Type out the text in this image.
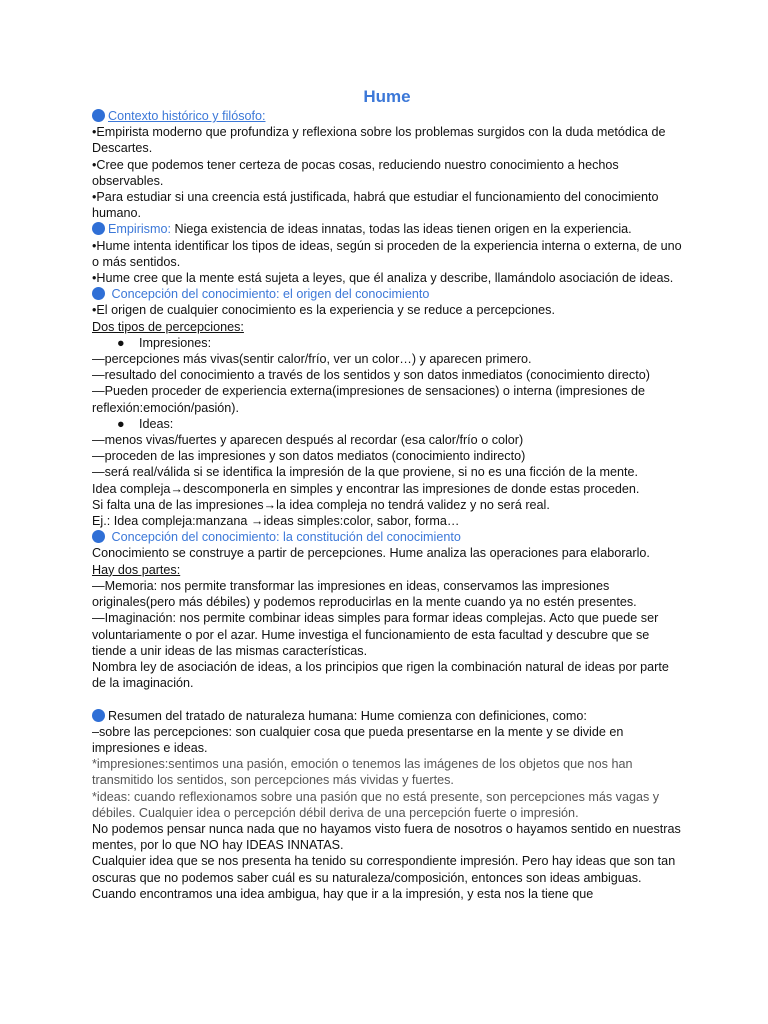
Hume

Contexto histórico y filósofo:

•Empirista moderno que profundiza y reflexiona sobre los problemas surgidos con la duda metódica de Descartes.

•Cree que podemos tener certeza de pocas cosas, reduciendo nuestro conocimiento a hechos observables.

•Para estudiar si una creencia está justificada, habrá que estudiar el funcionamiento del conocimiento humano.

Empirismo: Niega existencia de ideas innatas, todas las ideas tienen origen en la experiencia.

•Hume intenta identificar los tipos de ideas, según si proceden de la experiencia interna o externa, de uno o más sentidos.

•Hume cree que la mente está sujeta a leyes, que él analiza y describe, llamándolo asociación de ideas.

Concepción del conocimiento: el origen del conocimiento

•El origen de cualquier conocimiento es la experiencia y se reduce a percepciones.

Dos tipos de percepciones:

● Impresiones:

—percepciones más vivas(sentir calor/frío, ver un color…) y aparecen primero.

—resultado del conocimiento a través de los sentidos y son datos inmediatos (conocimiento directo)

—Pueden proceder de experiencia externa(impresiones de sensaciones) o interna (impresiones de reflexión:emoción/pasión).

● Ideas:

—menos vivas/fuertes y aparecen después al recordar (esa calor/frío o color)

—proceden de las impresiones y son datos mediatos (conocimiento indirecto)

—será real/válida si se identifica la impresión de la que proviene, si no es una ficción de la mente.

Idea compleja→descomponerla en simples y encontrar las impresiones de donde estas proceden.

Si falta una de las impresiones→la idea compleja no tendrá validez y no será real.

Ej.: Idea compleja:manzana →ideas simples:color, sabor, forma…

Concepción del conocimiento: la constitución del conocimiento

Conocimiento se construye a partir de percepciones. Hume analiza las operaciones para elaborarlo.

Hay dos partes:

—Memoria: nos permite transformar las impresiones en ideas, conservamos las impresiones originales(pero más débiles) y podemos reproducirlas en la mente cuando ya no estén presentes.

—Imaginación: nos permite combinar ideas simples para formar ideas complejas. Acto que puede ser voluntariamente o por el azar. Hume investiga el funcionamiento de esta facultad y descubre que se tiende a unir ideas de las mismas características.

Nombra ley de asociación de ideas, a los principios que rigen la combinación natural de ideas por parte de la imaginación.

Resumen del tratado de naturaleza humana: Hume comienza con definiciones, como:

–sobre las percepciones: son cualquier cosa que pueda presentarse en la mente y se divide en impresiones e ideas.

*impresiones:sentimos una pasión, emoción o tenemos las imágenes de los objetos que nos han transmitido los sentidos, son percepciones más vividas y fuertes.

*ideas: cuando reflexionamos sobre una pasión que no está presente, son percepciones más vagas y débiles. Cualquier idea o percepción débil deriva de una percepción fuerte o impresión.

No podemos pensar nunca nada que no hayamos visto fuera de nosotros o hayamos sentido en nuestras mentes, por lo que NO hay IDEAS INNATAS.

Cualquier idea que se nos presenta ha tenido su correspondiente impresión. Pero hay ideas que son tan oscuras que no podemos saber cuál es su naturaleza/composición, entonces son ideas ambiguas. Cuando encontramos una idea ambigua, hay que ir a la impresión, y esta nos la tiene que
